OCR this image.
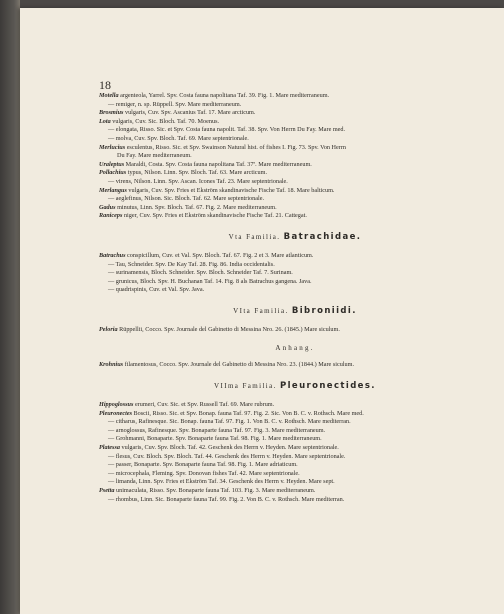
18
Motella argenteola, Yarrel. Spv. Costa fauna napolitana Taf. 39. Fig. 1. Mare mediterraneum.
— remiger, n. sp. Rüppell. Spv. Mare mediterraneum.
Brosmius vulgaris, Cuv. Spv. Ascanius Taf. 17. Mare arcticum.
Lota vulgaris, Cuv. Sic. Bloch. Taf. 70. Moenus.
— elongata, Risso. Sic. et Spv. Costa fauna napolit. Taf. 38. Spv. Von Herrn Du Fay. Mare med.
— molva, Cuv. Spv. Bloch. Taf. 69. Mare septentrionale.
Merlucius esculentus, Risso. Sic. et Spv. Swainson Natural hist. of fishes I. Fig. 73. Spv. Von Herrn
Du Fay. Mare mediterraneum.
Uraleptus Maraldi, Costa. Spv. Costa fauna napolitana Taf. 37ª. Mare mediterraneum.
Pollachius typus, Nilson. Linn. Spv. Bloch. Taf. 63. Mare arcticum.
— virens, Nilson. Linn. Spv. Ascan. Icones Taf. 23. Mare septentrionale.
Merlangus vulgaris, Cuv. Spv. Fries et Ekström skandinavische Fische Taf. 18. Mare balticum.
— aeglefinus, Nilson. Sic. Bloch. Taf. 62. Mare septentrionale.
Gadus minutus, Linn. Spv. Bloch. Taf. 67. Fig. 2. Mare mediterraneum.
Raniceps niger, Cuv. Spv. Fries et Ekström skandinavische Fische Taf. 21. Cattegat.
Vta Familia. Batrachidae.
Batrachus conspicillum, Cuv. et Val. Spv. Bloch. Taf. 67. Fig. 2 et 3. Mare atlanticum.
— Tau, Schneider. Spv. De Kay Taf. 28. Fig. 86. India occidentalis.
— surinamensis, Bloch. Schneider. Spv. Bloch. Schneider Taf. 7. Surinam.
— grunicus, Bloch. Spv. H. Buchanan Taf. 14. Fig. 8 als Batrachus gangena. Java.
— quadrispinis, Cuv. et Val. Spv. Java.
VIta Familia. Bibroniidi.
Peloria Rüppellii, Cocco. Spv. Journale del Gabinetto di Messina Nro. 26. (1845.) Mare siculum.
Anhang.
Krohnius filamentosus, Cocco. Spv. Journale del Gabinetto di Messina Nro. 23. (1844.) Mare siculum.
VIIma Familia. Pleuronectides.
Hippoglossus erumeri, Cuv. Sic. et Spv. Russell Taf. 69. Mare rubrum.
Pleuronectes Boscii, Risso. Sic. et Spv. Bonap. fauna Taf. 97. Fig. 2. Sic. Von B. C. v. Rothsch. Mare med.
— citharus, Rafinesque. Sic. Bonap. fauna Taf. 97. Fig. 1. Von B. C. v. Rothsch. Mare mediterran.
— arnoglossus, Rafinesque. Spv. Bonaparte fauna Taf. 97. Fig. 3. Mare mediterraneum.
— Grohmanni, Bonaparte. Spv. Bonaparte fauna Taf. 98. Fig. 1. Mare mediterraneum.
Platessa vulgaris, Cuv. Spv. Bloch. Taf. 42. Geschenk des Herrn v. Heyden. Mare septentrionale.
— flesus, Cuv. Bloch. Spv. Bloch. Taf. 44. Geschenk des Herrn v. Heyden. Mare septentrionale.
— passer, Bonaparte. Spv. Bonaparte fauna Taf. 98. Fig. 1. Mare adriaticum.
— microcephala, Fleming. Spv. Donovan fishes Taf. 42. Mare septentrionale.
— limanda, Linn. Spv. Fries et Ekström Taf. 34. Geschenk des Herrn v. Heyden. Mare sept.
Psetta unimaculata, Risso. Spv. Bonaparte fauna Taf. 103. Fig. 3. Mare mediterraneum.
— rhombus, Linn. Sic. Bonaparte fauna Taf. 99. Fig. 2. Von B. C. v. Rothsch. Mare mediterran.
